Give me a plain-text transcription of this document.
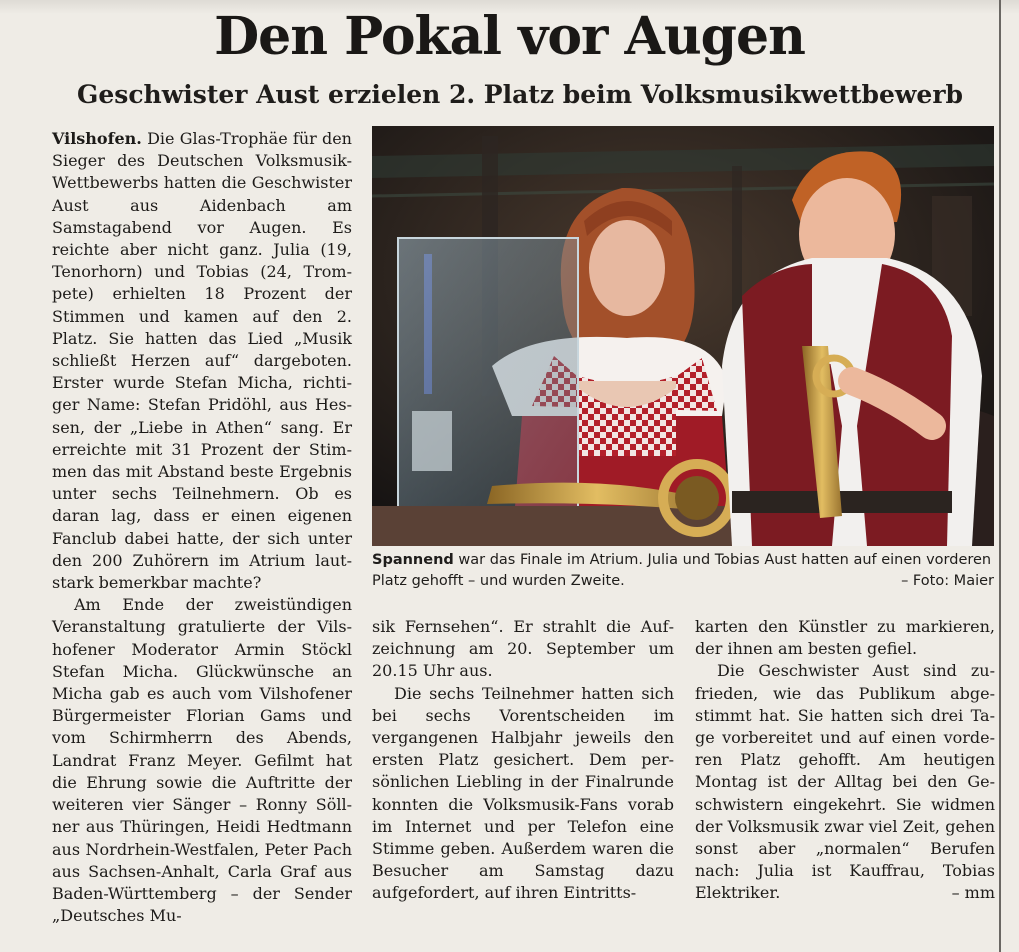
Den Pokal vor Augen
Geschwister Aust erzielen 2. Platz beim Volksmusikwettbewerb

Vilshofen. Die Glas-Trophäe für den Sieger des Deutschen Volksmusik-Wettbewerbs hatten die Geschwister Aust aus Aidenbach am Samstagabend vor Augen. Es reichte aber nicht ganz. Julia (19, Tenorhorn) und Tobias (24, Trompete) erhielten 18 Prozent der Stimmen und kamen auf den 2. Platz. Sie hatten das Lied „Musik schließt Herzen auf“ dargeboten. Erster wurde Stefan Micha, richtiger Name: Stefan Pridöhl, aus Hessen, der „Liebe in Athen“ sang. Er erreichte mit 31 Prozent der Stimmen das mit Abstand beste Ergebnis unter sechs Teilnehmern. Ob es daran lag, dass er einen eigenen Fanclub dabei hatte, der sich unter den 200 Zuhörern im Atrium lautstark bemerkbar machte?

Am Ende der zweistündigen Veranstaltung gratulierte der Vilshofener Moderator Armin Stöckl Stefan Micha. Glückwünsche an Micha gab es auch vom Vilshofener Bürgermeister Florian Gams und vom Schirmherrn des Abends, Landrat Franz Meyer. Gefilmt hat die Ehrung sowie die Auftritte der weiteren vier Sänger – Ronny Söllner aus Thüringen, Heidi Hedtmann aus Nordrhein-Westfalen, Peter Pach aus Sachsen-Anhalt, Carla Graf aus Baden-Württemberg – der Sender „Deutsches Mu-

Spannend war das Finale im Atrium. Julia und Tobias Aust hatten auf einen vorderen Platz gehofft – und wurden Zweite.	– Foto: Maier

sik Fernsehen“. Er strahlt die Aufzeichnung am 20. September um 20.15 Uhr aus.

Die sechs Teilnehmer hatten sich bei sechs Vorentscheiden im vergangenen Halbjahr jeweils den ersten Platz gesichert. Dem persönlichen Liebling in der Finalrunde konnten die Volksmusik-Fans vorab im Internet und per Telefon eine Stimme geben. Außerdem waren die Besucher am Samstag dazu aufgefordert, auf ihren Eintritts-

karten den Künstler zu markieren, der ihnen am besten gefiel.

Die Geschwister Aust sind zufrieden, wie das Publikum abgestimmt hat. Sie hatten sich drei Tage vorbereitet und auf einen vorderen Platz gehofft. Am heutigen Montag ist der Alltag bei den Geschwistern eingekehrt. Sie widmen der Volksmusik zwar viel Zeit, gehen sonst aber „normalen“ Berufen nach: Julia ist Kauffrau, Tobias Elektriker.	– mm
